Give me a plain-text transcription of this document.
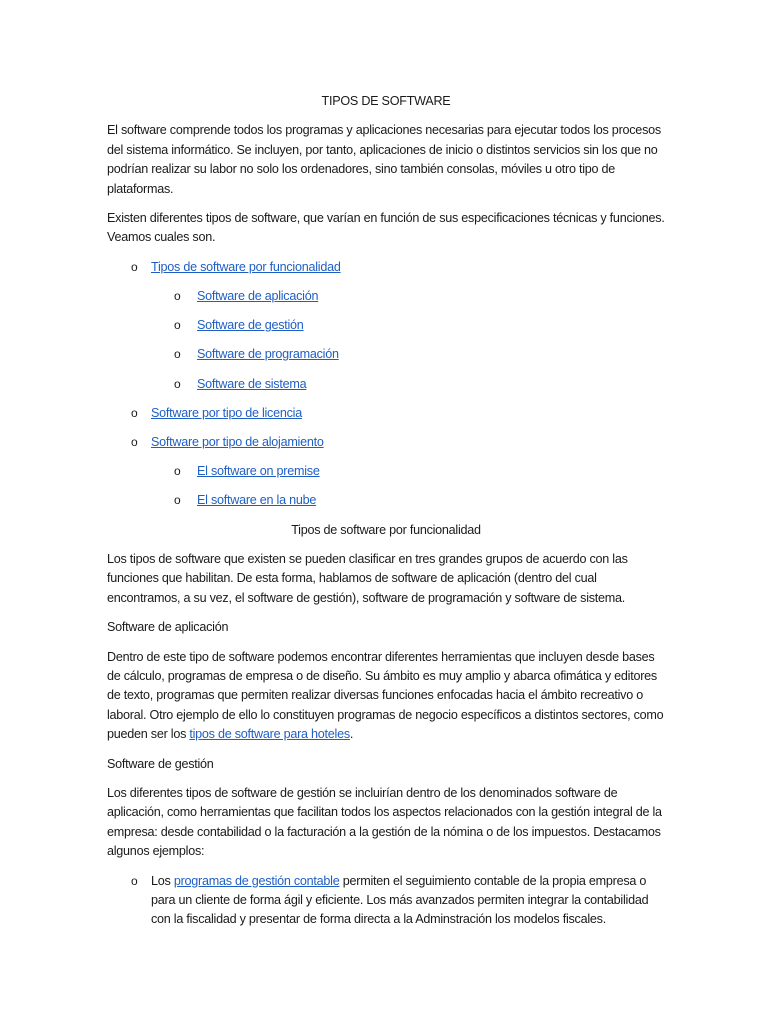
TIPOS DE SOFTWARE

El software comprende todos los programas y aplicaciones necesarias para ejecutar todos los procesos del sistema informático. Se incluyen, por tanto, aplicaciones de inicio o distintos servicios sin los que no podrían realizar su labor no solo los ordenadores, sino también consolas, móviles u otro tipo de plataformas.

Existen diferentes tipos de software, que varían en función de sus especificaciones técnicas y funciones. Veamos cuales son.

o Tipos de software por funcionalidad
o Software de aplicación
o Software de gestión
o Software de programación
o Software de sistema
o Software por tipo de licencia
o Software por tipo de alojamiento
o El software on premise
o El software en la nube

Tipos de software por funcionalidad

Los tipos de software que existen se pueden clasificar en tres grandes grupos de acuerdo con las funciones que habilitan. De esta forma, hablamos de software de aplicación (dentro del cual encontramos, a su vez, el software de gestión), software de programación y software de sistema.

Software de aplicación

Dentro de este tipo de software podemos encontrar diferentes herramientas que incluyen desde bases de cálculo, programas de empresa o de diseño. Su ámbito es muy amplio y abarca ofimática y editores de texto, programas que permiten realizar diversas funciones enfocadas hacia el ámbito recreativo o laboral. Otro ejemplo de ello lo constituyen programas de negocio específicos a distintos sectores, como pueden ser los tipos de software para hoteles.

Software de gestión

Los diferentes tipos de software de gestión se incluirían dentro de los denominados software de aplicación, como herramientas que facilitan todos los aspectos relacionados con la gestión integral de la empresa: desde contabilidad o la facturación a la gestión de la nómina o de los impuestos. Destacamos algunos ejemplos:

o Los programas de gestión contable permiten el seguimiento contable de la propia empresa o para un cliente de forma ágil y eficiente. Los más avanzados permiten integrar la contabilidad con la fiscalidad y presentar de forma directa a la Adminstración los modelos fiscales.
